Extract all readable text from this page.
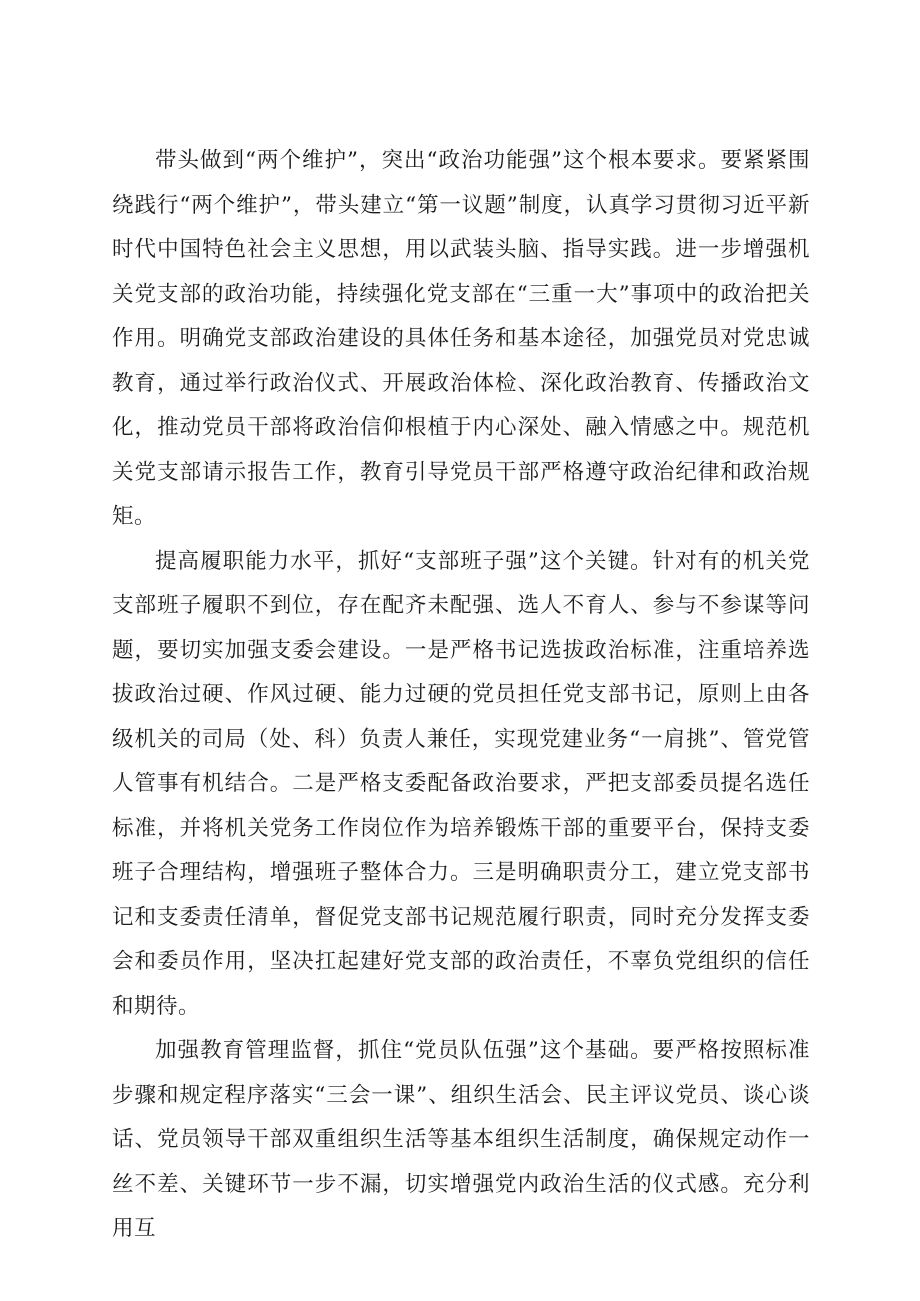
带头做到“两个维护”，突出“政治功能强”这个根本要求。要紧紧围绕践行“两个维护”，带头建立“第一议题”制度，认真学习贯彻习近平新时代中国特色社会主义思想，用以武装头脑、指导实践。进一步增强机关党支部的政治功能，持续强化党支部在“三重一大”事项中的政治把关作用。明确党支部政治建设的具体任务和基本途径，加强党员对党忠诚教育，通过举行政治仪式、开展政治体检、深化政治教育、传播政治文化，推动党员干部将政治信仰根植于内心深处、融入情感之中。规范机关党支部请示报告工作，教育引导党员干部严格遵守政治纪律和政治规矩。

提高履职能力水平，抓好“支部班子强”这个关键。针对有的机关党支部班子履职不到位，存在配齐未配强、选人不育人、参与不参谋等问题，要切实加强支委会建设。一是严格书记选拔政治标准，注重培养选拔政治过硬、作风过硬、能力过硬的党员担任党支部书记，原则上由各级机关的司局（处、科）负责人兼任，实现党建业务“一肩挑”、管党管人管事有机结合。二是严格支委配备政治要求，严把支部委员提名选任标准，并将机关党务工作岗位作为培养锻炼干部的重要平台，保持支委班子合理结构，增强班子整体合力。三是明确职责分工，建立党支部书记和支委责任清单，督促党支部书记规范履行职责，同时充分发挥支委会和委员作用，坚决扛起建好党支部的政治责任，不辜负党组织的信任和期待。

加强教育管理监督，抓住“党员队伍强”这个基础。要严格按照标准步骤和规定程序落实“三会一课”、组织生活会、民主评议党员、谈心谈话、党员领导干部双重组织生活等基本组织生活制度，确保规定动作一丝不差、关键环节一步不漏，切实增强党内政治生活的仪式感。充分利用互
